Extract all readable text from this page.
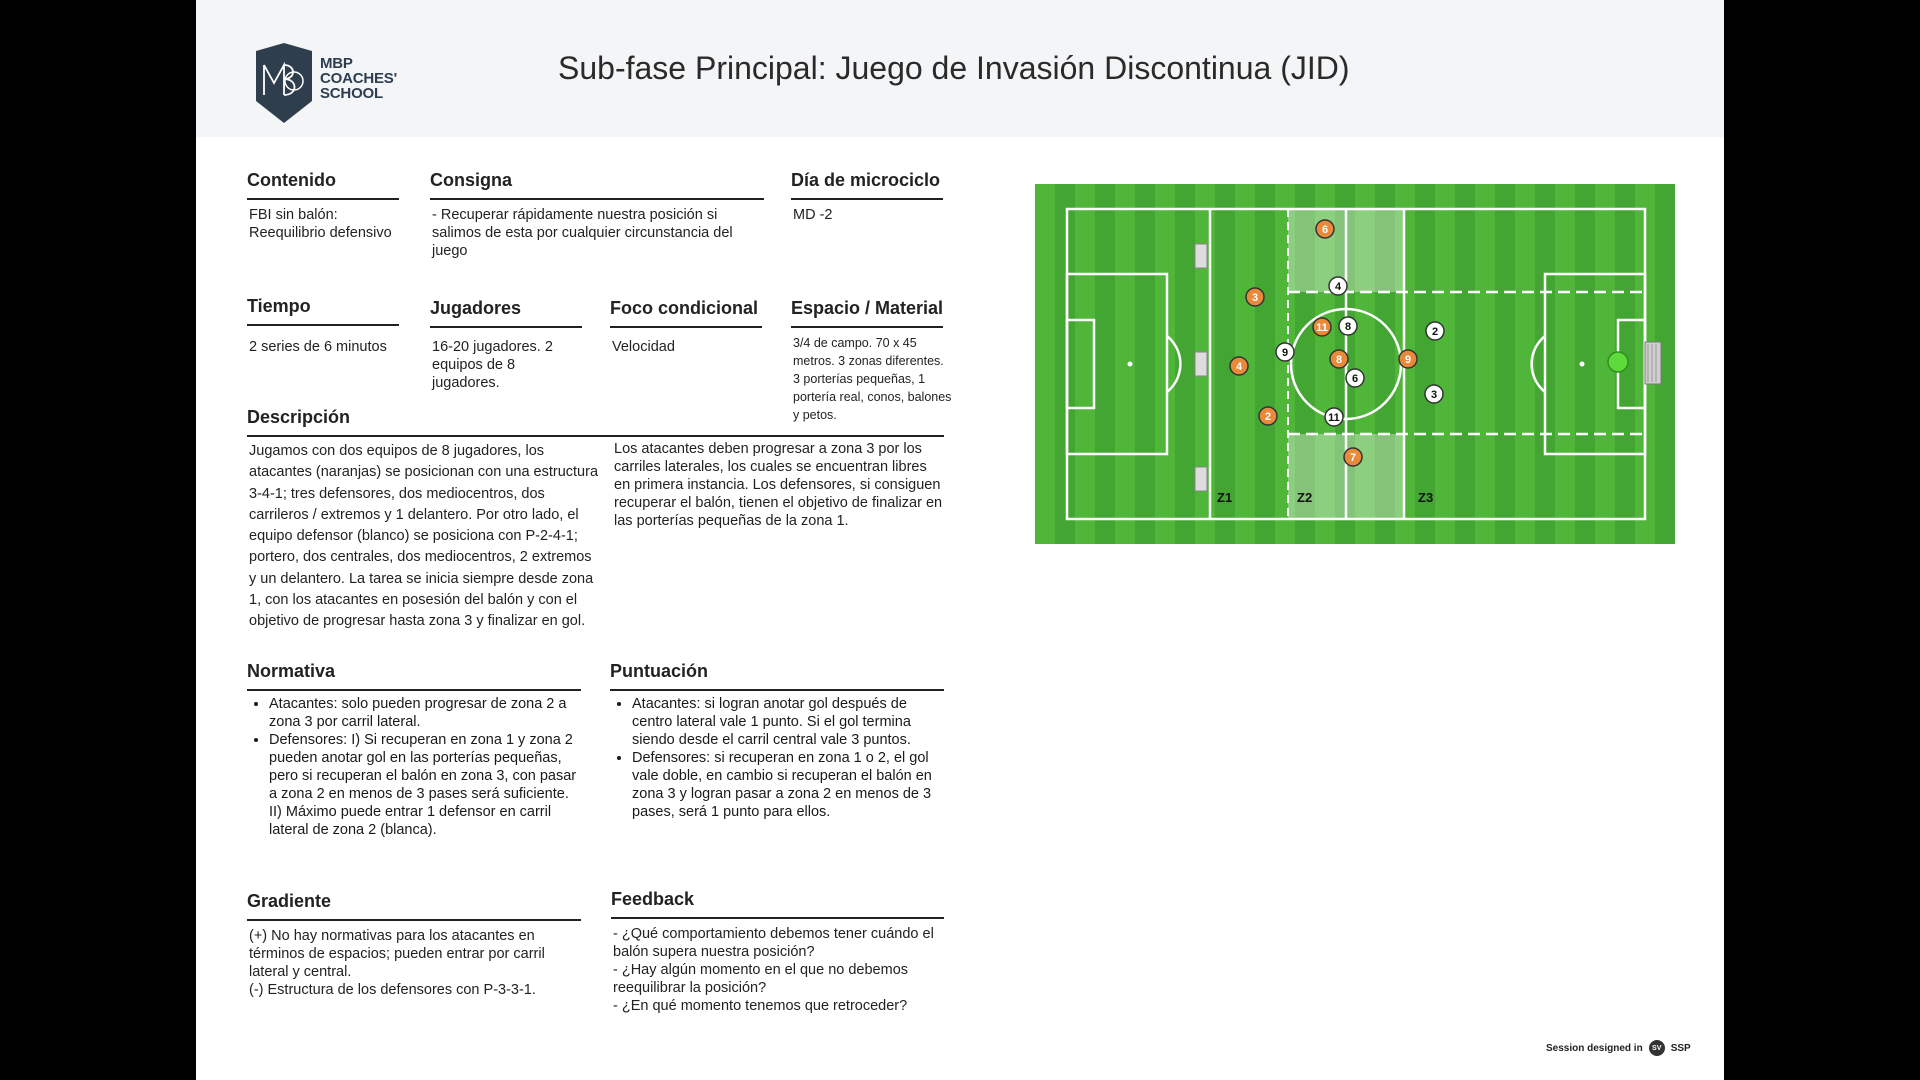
MBP
COACHES'
SCHOOL
Sub-fase Principal: Juego de Invasión Discontinua (JID)
Contenido
FBI sin balón: Reequilibrio defensivo
Consigna
- Recuperar rápidamente nuestra posición si salimos de esta por cualquier circunstancia del juego
Día de microciclo
MD -2
Tiempo
2 series de 6 minutos
Jugadores
16-20 jugadores. 2 equipos de 8 jugadores.
Foco condicional
Velocidad
Espacio / Material
3/4 de campo. 70 x 45 metros. 3 zonas diferentes. 3 porterías pequeñas, 1 portería real, conos, balones y petos.
Descripción
Jugamos con dos equipos de 8 jugadores, los atacantes (naranjas) se posicionan con una estructura 3-4-1; tres defensores, dos mediocentros, dos carrileros / extremos y 1 delantero. Por otro lado, el equipo defensor (blanco) se posiciona con P-2-4-1; portero, dos centrales, dos mediocentros, 2 extremos y un delantero. La tarea se inicia siempre desde zona 1, con los atacantes en posesión del balón y con el objetivo de progresar hasta zona 3 y finalizar en gol.
Los atacantes deben progresar a zona 3 por los carriles laterales, los cuales se encuentran libres en primera instancia. Los defensores, si consiguen recuperar el balón, tienen el objetivo de finalizar en las porterías pequeñas de la zona 1.
Normativa
• Atacantes: solo pueden progresar de zona 2 a zona 3 por carril lateral.
• Defensores: I) Si recuperan en zona 1 y zona 2 pueden anotar gol en las porterías pequeñas, pero si recuperan el balón en zona 3, con pasar a zona 2 en menos de 3 pases será suficiente. II) Máximo puede entrar 1 defensor en carril lateral de zona 2 (blanca).
Puntuación
• Atacantes: si logran anotar gol después de centro lateral vale 1 punto. Si el gol termina siendo desde el carril central vale 3 puntos.
• Defensores: si recuperan en zona 1 o 2, el gol vale doble, en cambio si recuperan el balón en zona 3 y logran pasar a zona 2 en menos de 3 pases, será 1 punto para ellos.
Gradiente
(+) No hay normativas para los atacantes en términos de espacios; pueden entrar por carril lateral y central.
(-) Estructura de los defensores con P-3-3-1.
Feedback
- ¿Qué comportamiento debemos tener cuándo el balón supera nuestra posición?
- ¿Hay algún momento en el que no debemos reequilibrar la posición?
- ¿En qué momento tenemos que retroceder?
Z1	Z2	Z3
6
3
11
8
4
9
2
7
4
8	2
9
6
3
11
Session designed in	SV SSP
